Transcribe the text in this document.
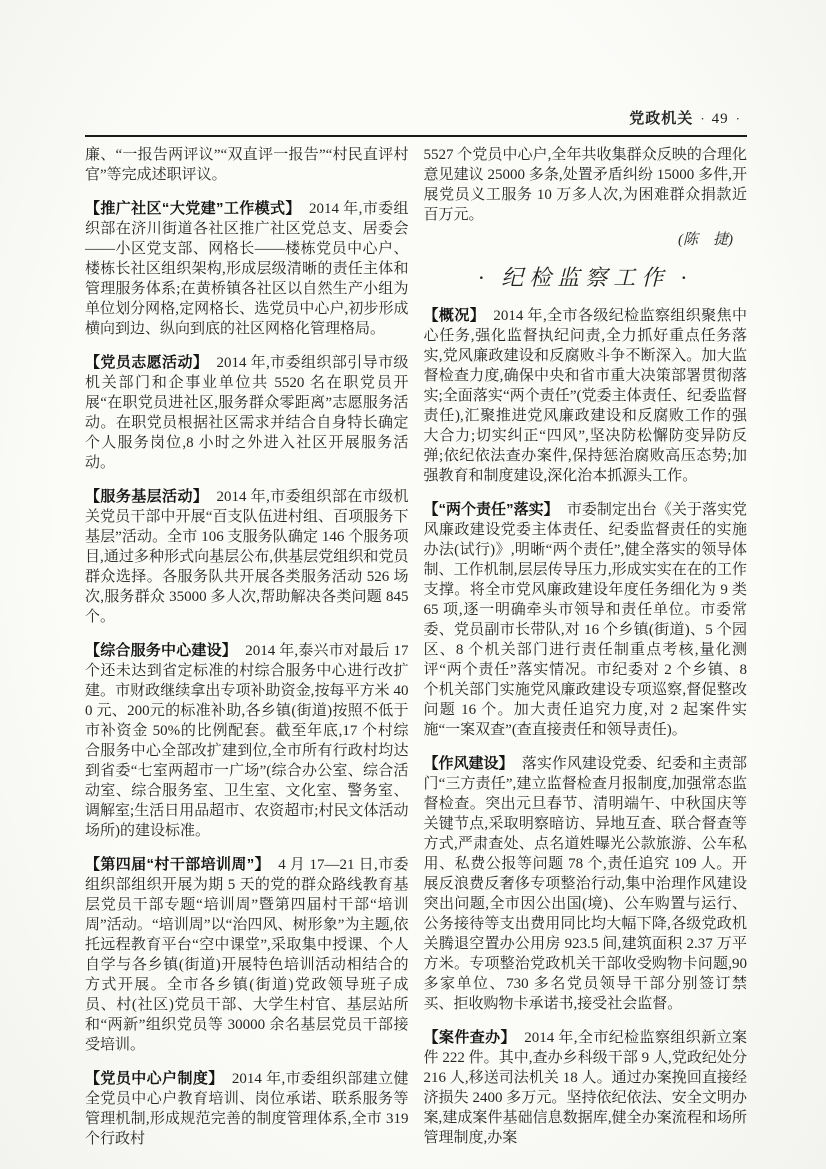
党政机关 · 49 ·

廉、“一报告两评议”“双直评一报告”“村民直评村官”等完成述职评议。

【推广社区“大党建”工作模式】 2014 年,市委组织部在济川街道各社区推广社区党总支、居委会——小区党支部、网格长——楼栋党员中心户、楼栋长社区组织架构,形成层级清晰的责任主体和管理服务体系;在黄桥镇各社区以自然生产小组为单位划分网格,定网格长、选党员中心户,初步形成横向到边、纵向到底的社区网格化管理格局。

【党员志愿活动】 2014 年,市委组织部引导市级机关部门和企事业单位共 5520 名在职党员开展“在职党员进社区,服务群众零距离”志愿服务活动。在职党员根据社区需求并结合自身特长确定个人服务岗位,8 小时之外进入社区开展服务活动。

【服务基层活动】 2014 年,市委组织部在市级机关党员干部中开展“百支队伍进村组、百项服务下基层”活动。全市 106 支服务队确定 146 个服务项目,通过多种形式向基层公布,供基层党组织和党员群众选择。各服务队共开展各类服务活动 526 场次,服务群众 35000 多人次,帮助解决各类问题 845 个。

【综合服务中心建设】 2014 年,泰兴市对最后 17 个还未达到省定标准的村综合服务中心进行改扩建。市财政继续拿出专项补助资金,按每平方米 400 元、200元的标准补助,各乡镇(街道)按照不低于市补资金 50%的比例配套。截至年底,17 个村综合服务中心全部改扩建到位,全市所有行政村均达到省委“七室两超市一广场”(综合办公室、综合活动室、综合服务室、卫生室、文化室、警务室、调解室;生活日用品超市、农资超市;村民文体活动场所)的建设标准。

【第四届“村干部培训周”】 4 月 17—21 日,市委组织部组织开展为期 5 天的党的群众路线教育基层党员干部专题“培训周”暨第四届村干部“培训周”活动。“培训周”以“治四风、树形象”为主题,依托远程教育平台“空中课堂”,采取集中授课、个人自学与各乡镇(街道)开展特色培训活动相结合的方式开展。全市各乡镇(街道)党政领导班子成员、村(社区)党员干部、大学生村官、基层站所和“两新”组织党员等 30000 余名基层党员干部接受培训。

【党员中心户制度】 2014 年,市委组织部建立健全党员中心户教育培训、岗位承诺、联系服务等管理机制,形成规范完善的制度管理体系,全市 319 个行政村

5527 个党员中心户,全年共收集群众反映的合理化意见建议 25000 多条,处置矛盾纠纷 15000 多件,开展党员义工服务 10 万多人次,为困难群众捐款近百万元。

(陈　捷)

· 纪检监察工作 ·

【概况】 2014 年,全市各级纪检监察组织聚焦中心任务,强化监督执纪问责,全力抓好重点任务落实,党风廉政建设和反腐败斗争不断深入。加大监督检查力度,确保中央和省市重大决策部署贯彻落实;全面落实“两个责任”(党委主体责任、纪委监督责任),汇聚推进党风廉政建设和反腐败工作的强大合力;切实纠正“四风”,坚决防松懈防变异防反弹;依纪依法查办案件,保持惩治腐败高压态势;加强教育和制度建设,深化治本抓源头工作。

【“两个责任”落实】 市委制定出台《关于落实党风廉政建设党委主体责任、纪委监督责任的实施办法(试行)》,明晰“两个责任”,健全落实的领导体制、工作机制,层层传导压力,形成实实在在的工作支撑。将全市党风廉政建设年度任务细化为 9 类 65 项,逐一明确牵头市领导和责任单位。市委常委、党员副市长带队,对 16 个乡镇(街道)、5 个园区、8 个机关部门进行责任制重点考核,量化测评“两个责任”落实情况。市纪委对 2 个乡镇、8 个机关部门实施党风廉政建设专项巡察,督促整改问题 16 个。加大责任追究力度,对 2 起案件实施“一案双查”(查直接责任和领导责任)。

【作风建设】 落实作风建设党委、纪委和主责部门“三方责任”,建立监督检查月报制度,加强常态监督检查。突出元旦春节、清明端午、中秋国庆等关键节点,采取明察暗访、异地互查、联合督查等方式,严肃查处、点名道姓曝光公款旅游、公车私用、私费公报等问题 78 个,责任追究 109 人。开展反浪费反奢侈专项整治行动,集中治理作风建设突出问题,全市因公出国(境)、公车购置与运行、公务接待等支出费用同比均大幅下降,各级党政机关腾退空置办公用房 923.5 间,建筑面积 2.37 万平方米。专项整治党政机关干部收受购物卡问题,90 多家单位、730 多名党员领导干部分别签订禁买、拒收购物卡承诺书,接受社会监督。

【案件查办】 2014 年,全市纪检监察组织新立案件 222 件。其中,查办乡科级干部 9 人,党政纪处分 216 人,移送司法机关 18 人。通过办案挽回直接经济损失 2400 多万元。坚持依纪依法、安全文明办案,建成案件基础信息数据库,健全办案流程和场所管理制度,办案
